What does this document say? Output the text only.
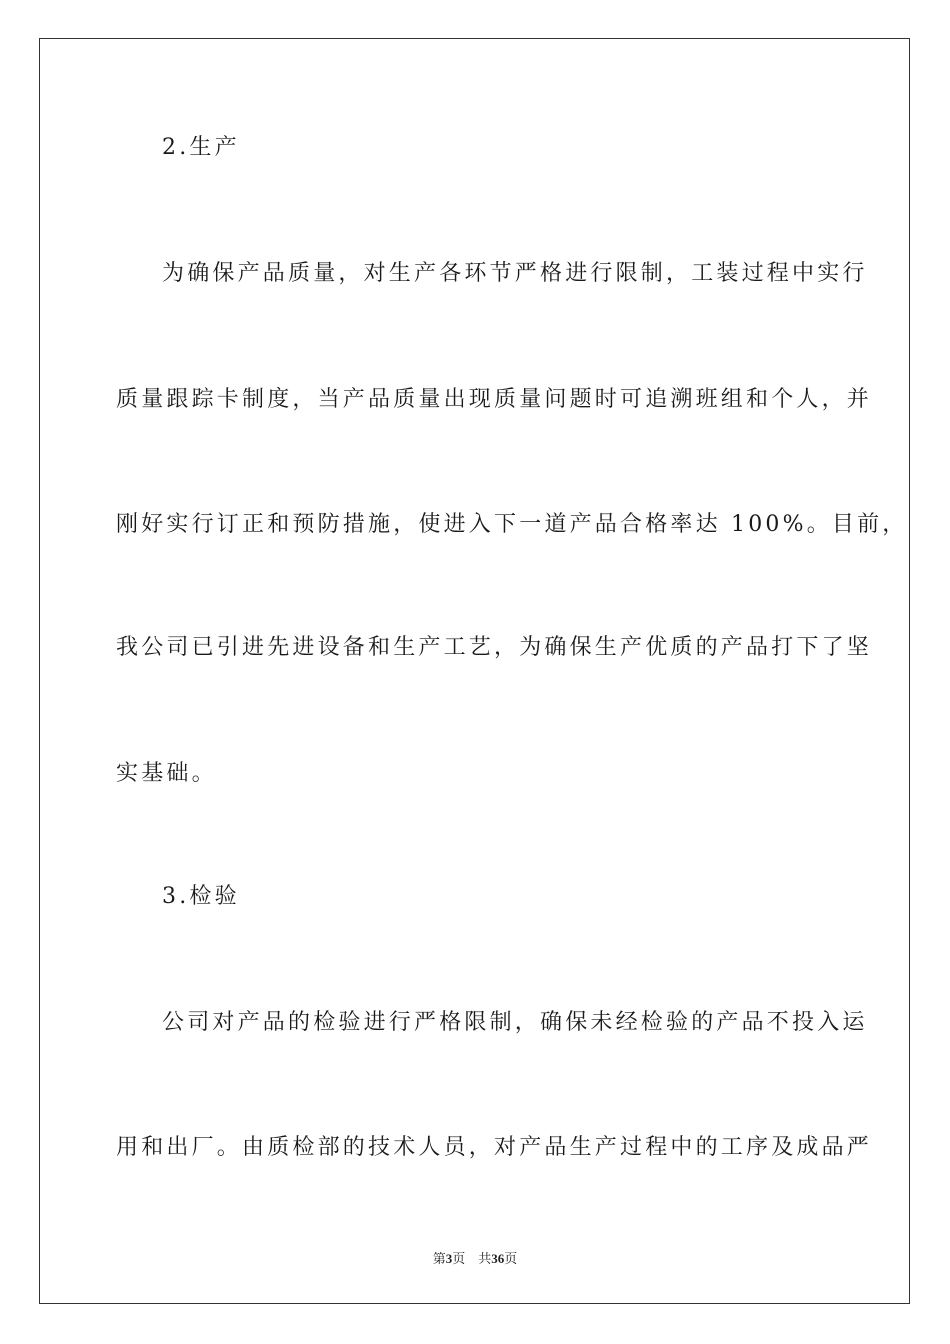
2.生产
为确保产品质量，对生产各环节严格进行限制，工装过程中实行
质量跟踪卡制度，当产品质量出现质量问题时可追溯班组和个人，并
刚好实行订正和预防措施，使进入下一道产品合格率达 100%。目前，
我公司已引进先进设备和生产工艺，为确保生产优质的产品打下了坚
实基础。
3.检验
公司对产品的检验进行严格限制，确保未经检验的产品不投入运
用和出厂。由质检部的技术人员，对产品生产过程中的工序及成品严
第3页 共36页
